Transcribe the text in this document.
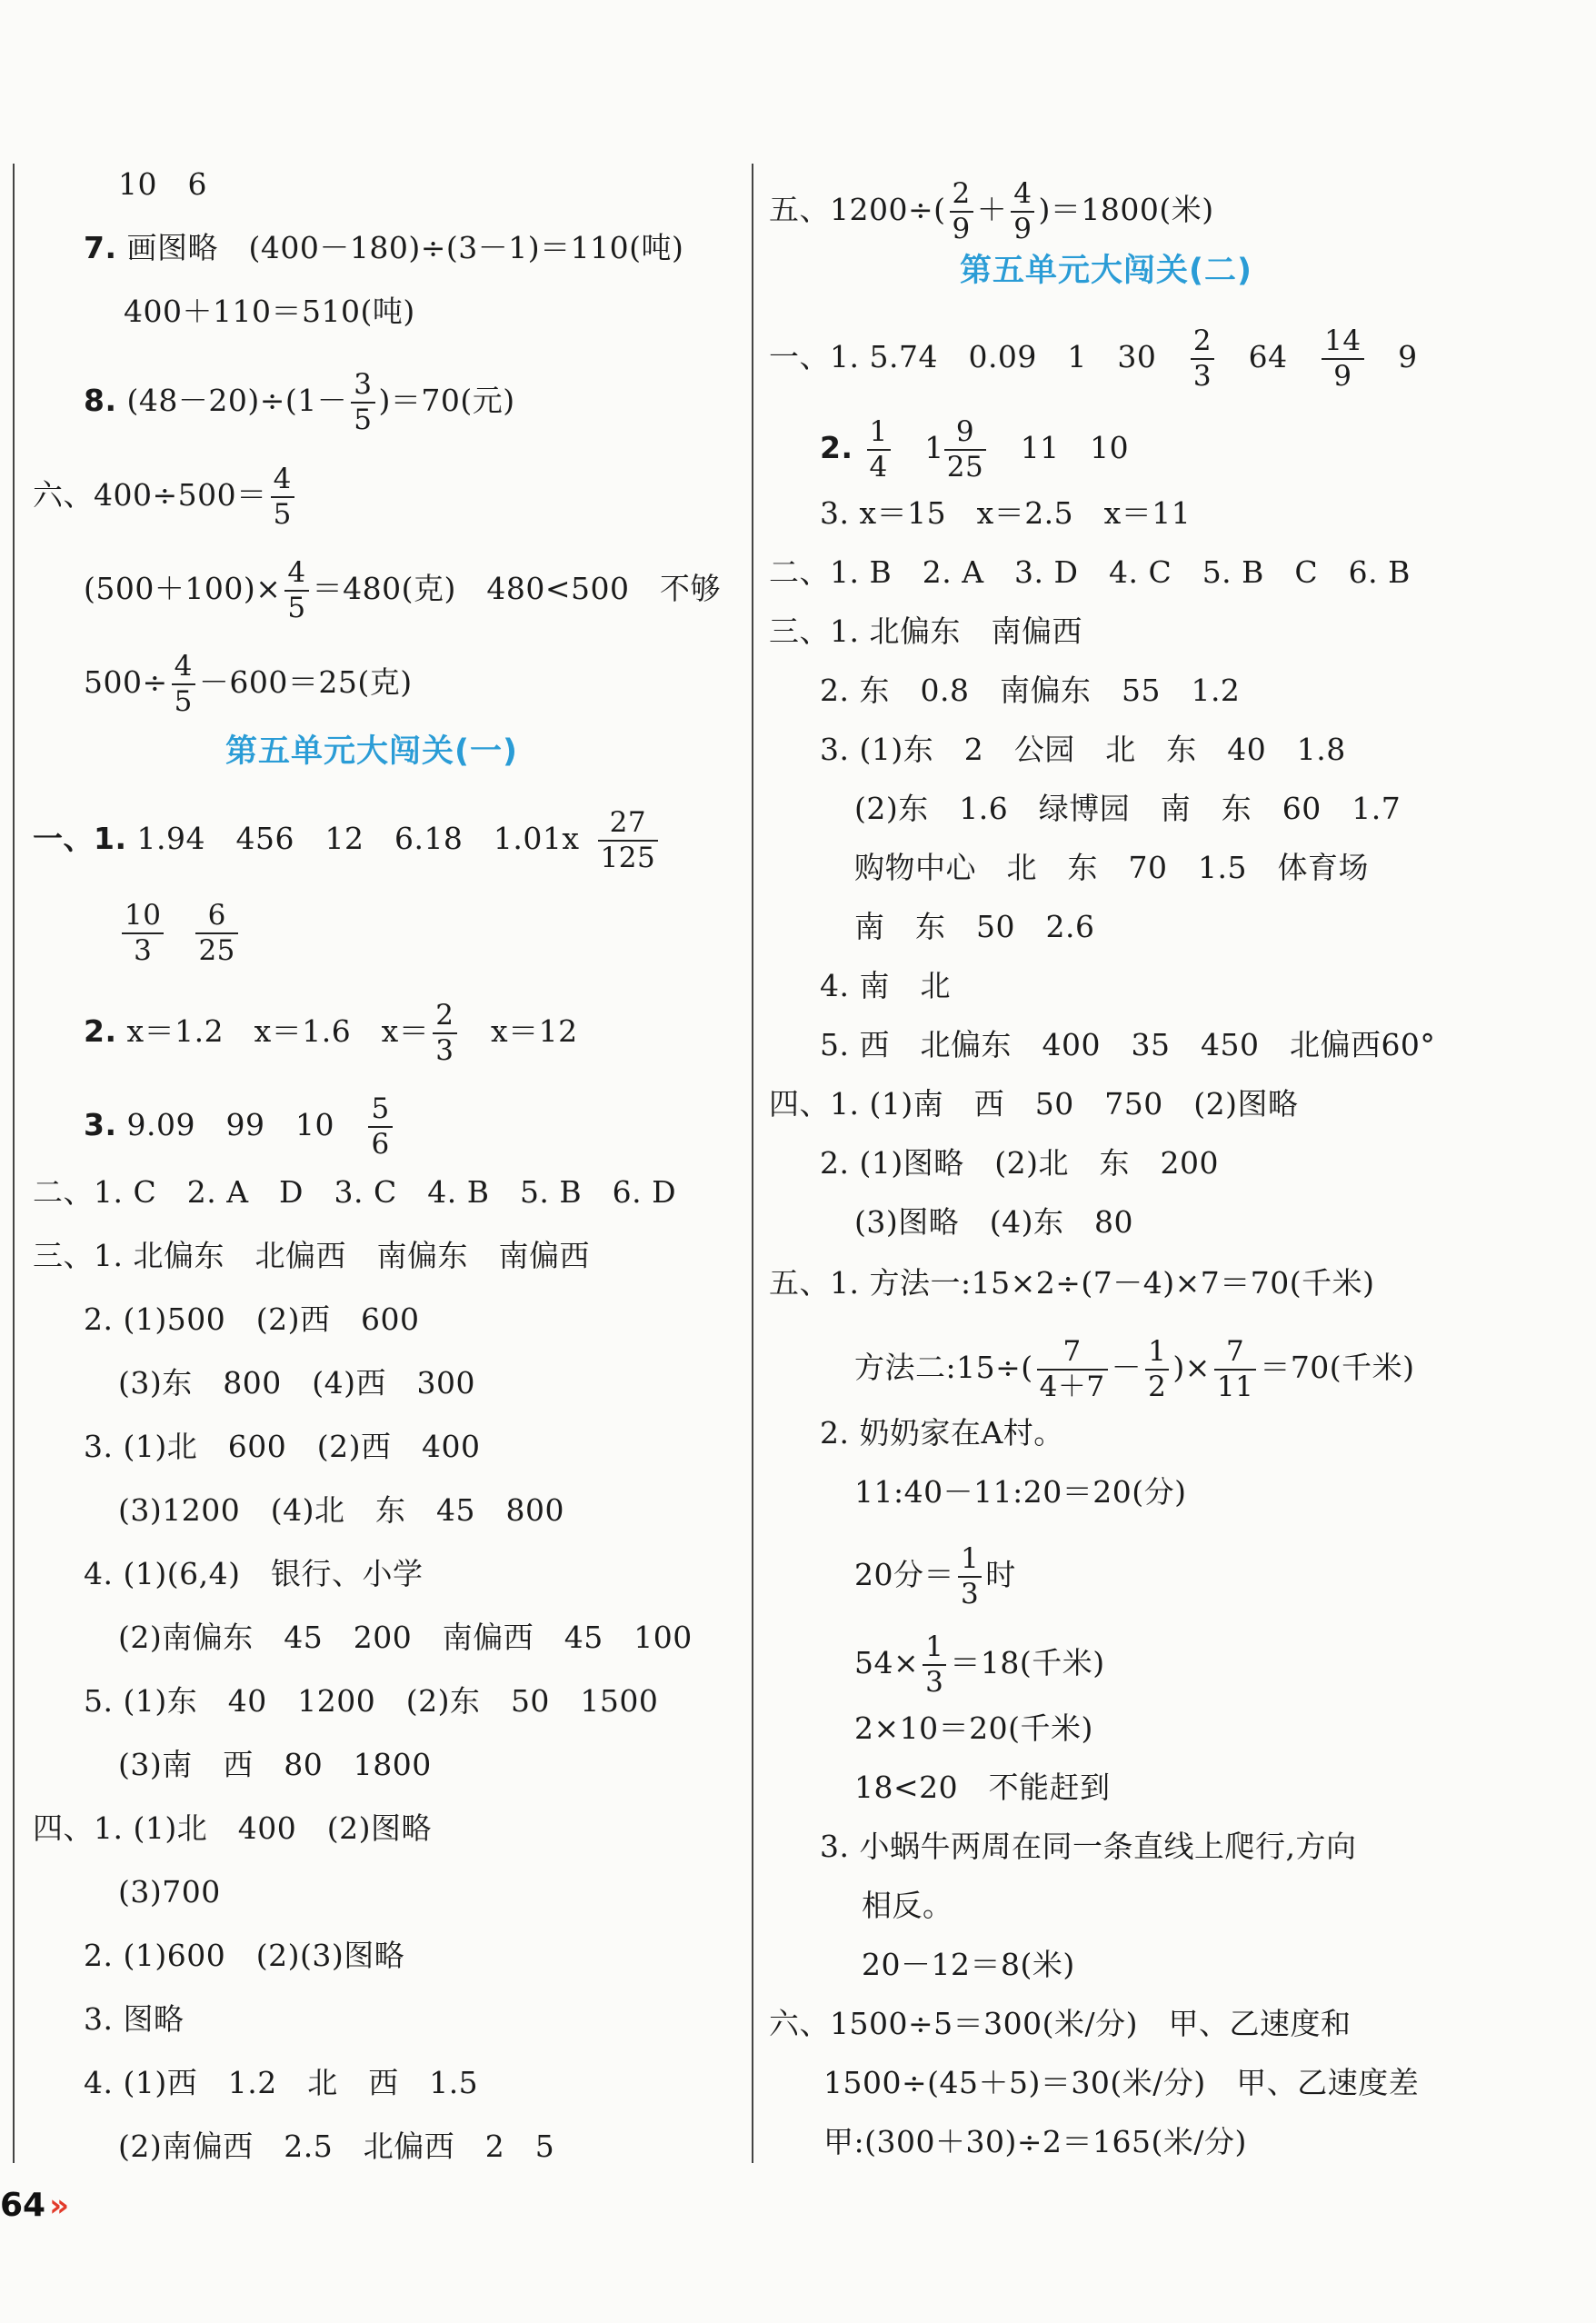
10　6
7. 画图略　(400－180)÷(3－1)＝110(吨)
400＋110＝510(吨)
8. $(48-20)\div(1- \frac{3}{5} )=70$(元)
六、$400\div 500= \frac{4}{5}$
$(500+100)\times \frac{4}{5} =480$(克)　480<500　不够
$500\div \frac{4}{5} -600=25$(克)
第五单元大闯关(一)
一、1. 1.94　456　12　6.18　$1.01x \frac{27}{125}$
$\frac{10}{3}$
$\frac{6}{25}$
2. x＝1.2　x＝1.6　$x= \frac{2}{3}$
　 x＝12
3. 9.09　99　10　 $\frac{5}{6}$
二、1. C　2. A　D　3. C　4. B　5. B　6. D
三、1. 北偏东　北偏西　南偏东　南偏西
2. (1)500　(2)西　600
(3)东　800　(4)西　300
3. (1)北　600　(2)西　400
(3)1200　(4)北　东　45　800
4. (1)(6,4)　银行、小学
(2)南偏东　45　200　南偏西　45　100
5. (1)东　40　1200　(2)东　50　1500
(3)南　西　80　1800
四、1. (1)北　400　(2)图略
(3)700
2. (1)600　(2)(3)图略
3. 图略
4. (1)西　1.2　北　西　1.5
(2)南偏西　2.5　北偏西　2　5
五、$1200\div( \frac{2}{9} + \frac{4}{9} )=1800$(米)
第五单元大闯关(二)
一、1. 5.74　0.09　1　30　 $\frac{2}{3}$
　 64　 $\frac{14}{9}$
　 9
2. $\frac{1}{4}$
　 $1 \frac{9}{25}$
　 11　10
3. x＝15　x＝2.5　x＝11
二、1. B　2. A　3. D　4. C　5. B　C　6. B
三、1. 北偏东　南偏西
2. 东　0.8　南偏东　55　1.2
3. (1)东　2　公园　北　东　40　1.8
(2)东　1.6　绿博园　南　东　60　1.7
购物中心　北　东　70　1.5　体育场
南　东　50　2.6
4. 南　北
5. 西　北偏东　400　35　450　北偏西60°
四、1. (1)南　西　50　750　(2)图略
2. (1)图略　(2)北　东　200
(3)图略　(4)东　80
五、1. 方法一:15×2÷(7－4)×7＝70(千米)
方法二:15÷( $\frac{7}{4+7} - \frac{1}{2}$ )× $\frac{7}{11} =70$(千米)
2. 奶奶家在A村。
11:40－11:20＝20(分)
20分＝ $\frac{1}{3}$ 时
$54\times \frac{1}{3} =18$(千米)
2×10＝20(千米)
18<20　不能赶到
3. 小蜗牛两周在同一条直线上爬行,方向
相反。
20－12＝8(米)
六、1500÷5＝300(米/分)　甲、乙速度和
1500÷(45＋5)＝30(米/分)　甲、乙速度差
甲:(300＋30)÷2＝165(米/分)
64 »
